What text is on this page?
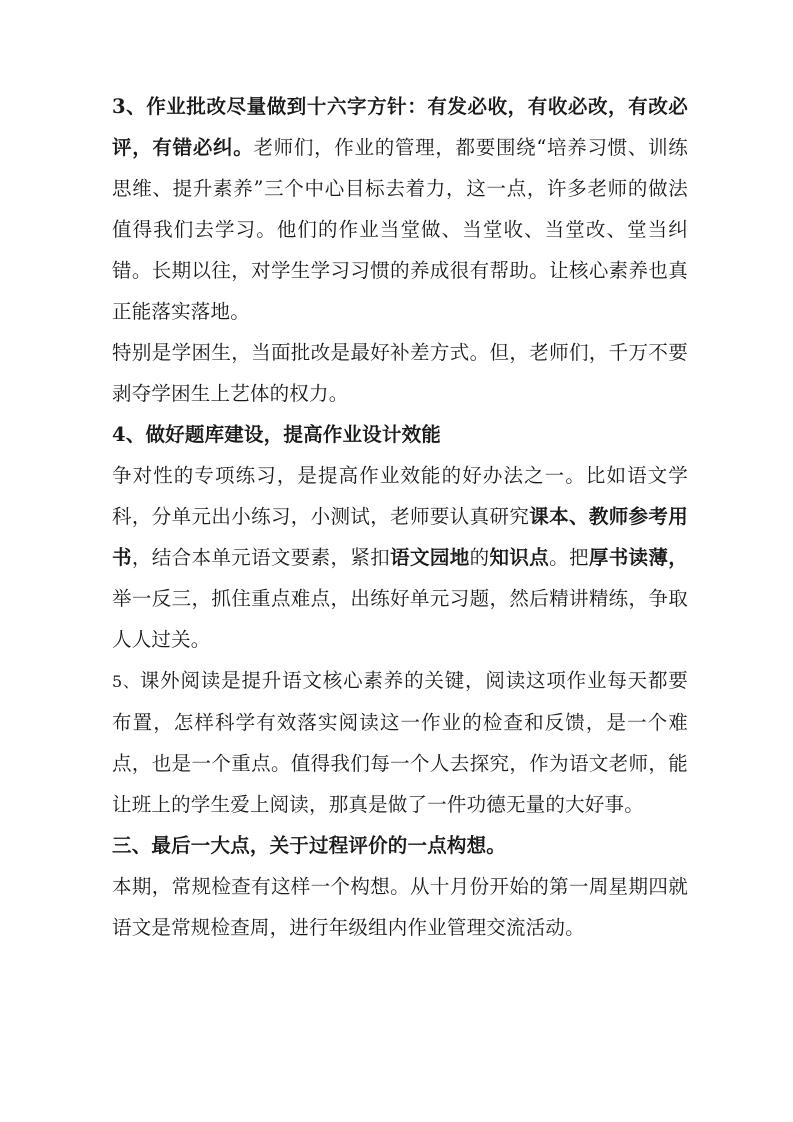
3、作业批改尽量做到十六字方针：有发必收，有收必改，有改必评，有错必纠。老师们，作业的管理，都要围绕“培养习惯、训练思维、提升素养”三个中心目标去着力，这一点，许多老师的做法值得我们去学习。他们的作业当堂做、当堂收、当堂改、堂当纠错。长期以往，对学生学习习惯的养成很有帮助。让核心素养也真正能落实落地。

特别是学困生，当面批改是最好补差方式。但，老师们，千万不要剥夺学困生上艺体的权力。

4、做好题库建设，提高作业设计效能

争对性的专项练习，是提高作业效能的好办法之一。比如语文学科，分单元出小练习，小测试，老师要认真研究课本、教师参考用书，结合本单元语文要素，紧扣语文园地的知识点。把厚书读薄，举一反三，抓住重点难点，出练好单元习题，然后精讲精练，争取人人过关。

5、课外阅读是提升语文核心素养的关键，阅读这项作业每天都要布置，怎样科学有效落实阅读这一作业的检查和反馈，是一个难点，也是一个重点。值得我们每一个人去探究，作为语文老师，能让班上的学生爱上阅读，那真是做了一件功德无量的大好事。

三、最后一大点，关于过程评价的一点构想。

本期，常规检查有这样一个构想。从十月份开始的第一周星期四就语文是常规检查周，进行年级组内作业管理交流活动。
